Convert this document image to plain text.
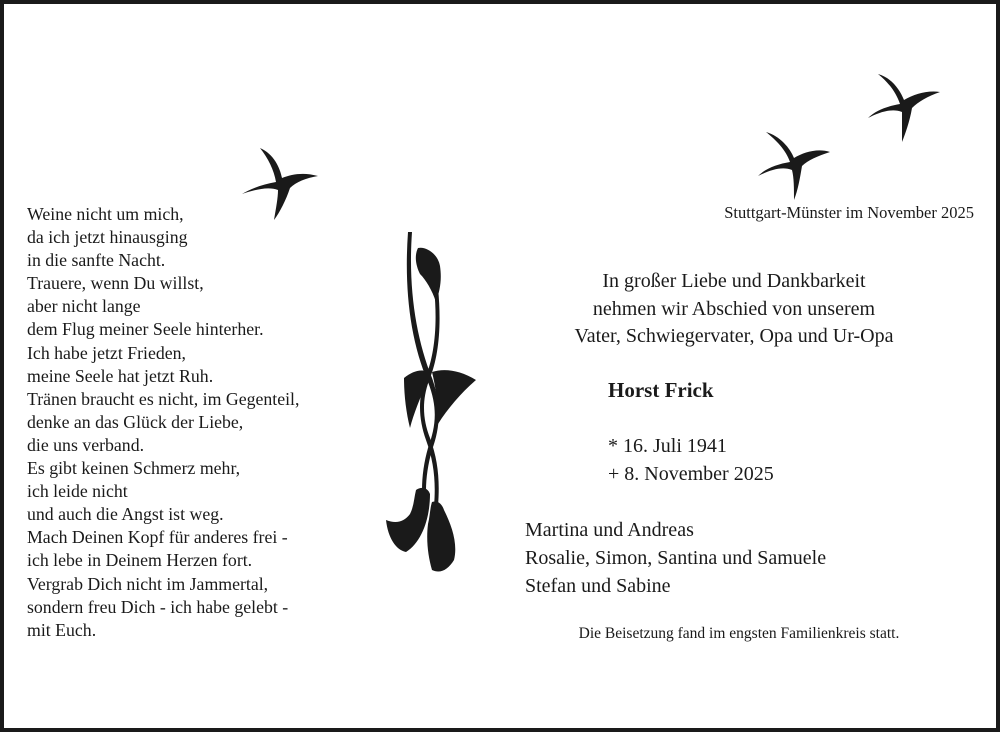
Weine nicht um mich,
da ich jetzt hinausging
in die sanfte Nacht.
Trauere, wenn Du willst,
aber nicht lange
dem Flug meiner Seele hinterher.
Ich habe jetzt Frieden,
meine Seele hat jetzt Ruh.
Tränen braucht es nicht, im Gegenteil,
denke an das Glück der Liebe,
die uns verband.
Es gibt keinen Schmerz mehr,
ich leide nicht
und auch die Angst ist weg.
Mach Deinen Kopf für anderes frei -
ich lebe in Deinem Herzen fort.
Vergrab Dich nicht im Jammertal,
sondern freu Dich - ich habe gelebt -
mit Euch.
Stuttgart-Münster im November 2025
In großer Liebe und Dankbarkeit
nehmen wir Abschied von unserem
Vater, Schwiegervater, Opa und Ur-Opa
Horst Frick
* 16. Juli 1941
+ 8. November 2025
Martina und Andreas
Rosalie, Simon, Santina und Samuele
Stefan und Sabine
Die Beisetzung fand im engsten Familienkreis statt.
